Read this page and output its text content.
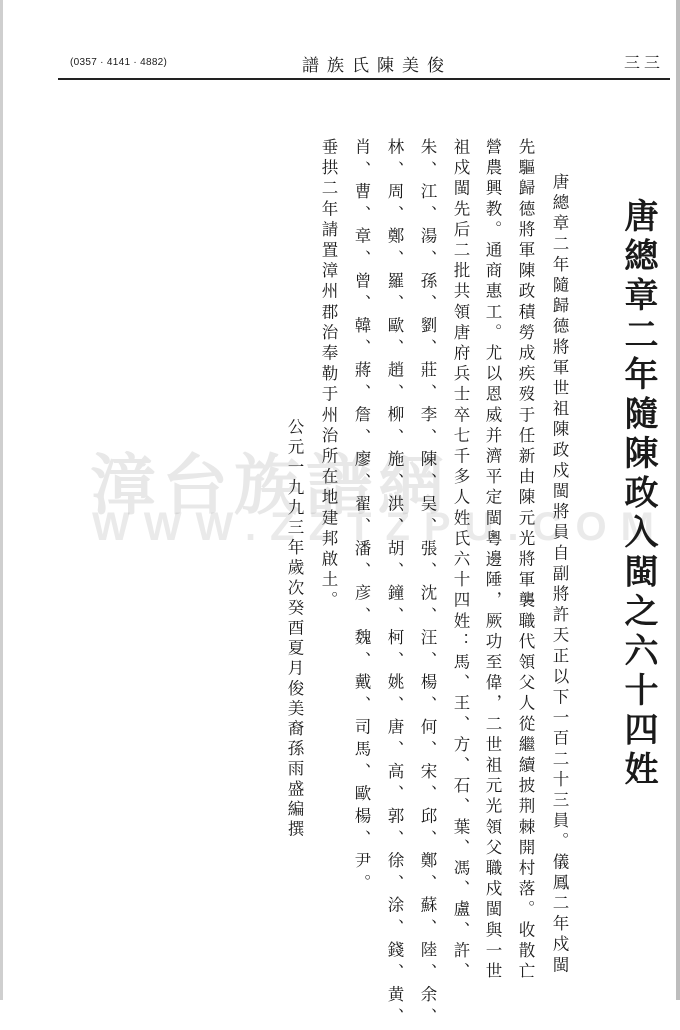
(0357 · 4141 · 4882)	譜族氏陳美俊	三三
漳台族譜網
WWW.ZZTZPU.COM
唐總章二年隨陳政入閩之六十四姓
唐總章二年隨歸德將軍世祖陳政戍閩將員自副將許天正以下一百二十三員。儀鳳二年戍閩
先驅歸德將軍陳政積勞成疾歿于任新由陳元光將軍襲職代領父人從繼續披荆棘開村落。收散亡
營農興教。通商惠工。尤以恩威并濟平定閩粵邊陲，厥功至偉，二世祖元光領父職戍閩與一世
祖戍閩先后二批共領唐府兵士卒七千多人姓氏六十四姓：馬、王、方、石、葉、馮、盧、許、
朱、江、湯、孫、劉、莊、李、陳、吴、張、沈、汪、楊、何、宋、邱、鄭、蘇、陸、余、
林、周、鄭、羅、歐、趙、柳、施、洪、胡、鐘、柯、姚、唐、高、郭、徐、涂、錢、黄、
肖、曹、章、曾、韓、蔣、詹、廖、翟、潘、彦、魏、戴、司馬、歐楊、尹。
垂拱二年請置漳州郡治奉勒于州治所在地建邦啟土。
公元一九九三年歲次癸酉夏月俊美裔孫雨盛編撰
